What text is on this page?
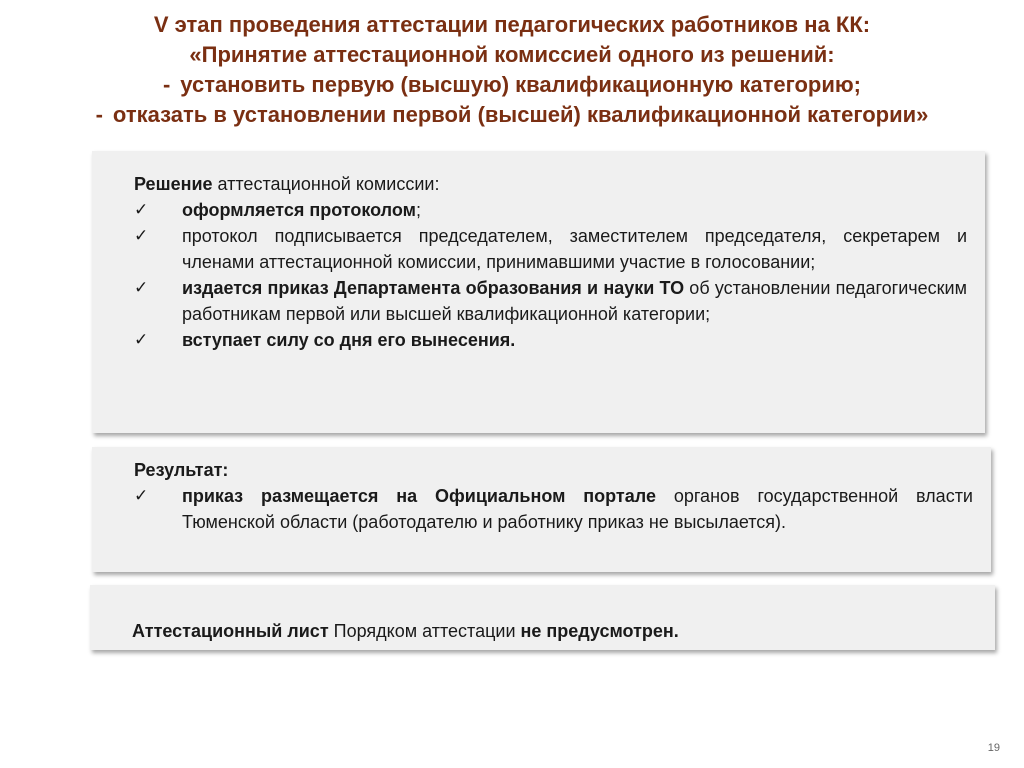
V этап проведения аттестации педагогических работников на КК:
«Принятие аттестационной комиссией одного из решений:
- установить первую (высшую) квалификационную категорию;
- отказать в установлении первой (высшей) квалификационной категории»

Решение аттестационной комиссии:

✓	оформляется протоколом;
✓	протокол подписывается председателем, заместителем председателя, секретарем и членами аттестационной комиссии, принимавшими участие в голосовании;
✓	издается приказ Департамента образования и науки ТО об установлении педагогическим работникам первой или высшей квалификационной категории;
✓	вступает силу со дня его вынесения.

Результат:

✓	приказ размещается на Официальном портале органов государственной власти Тюменской области (работодателю и работнику приказ не высылается).

Аттестационный лист Порядком аттестации не предусмотрен.

19
